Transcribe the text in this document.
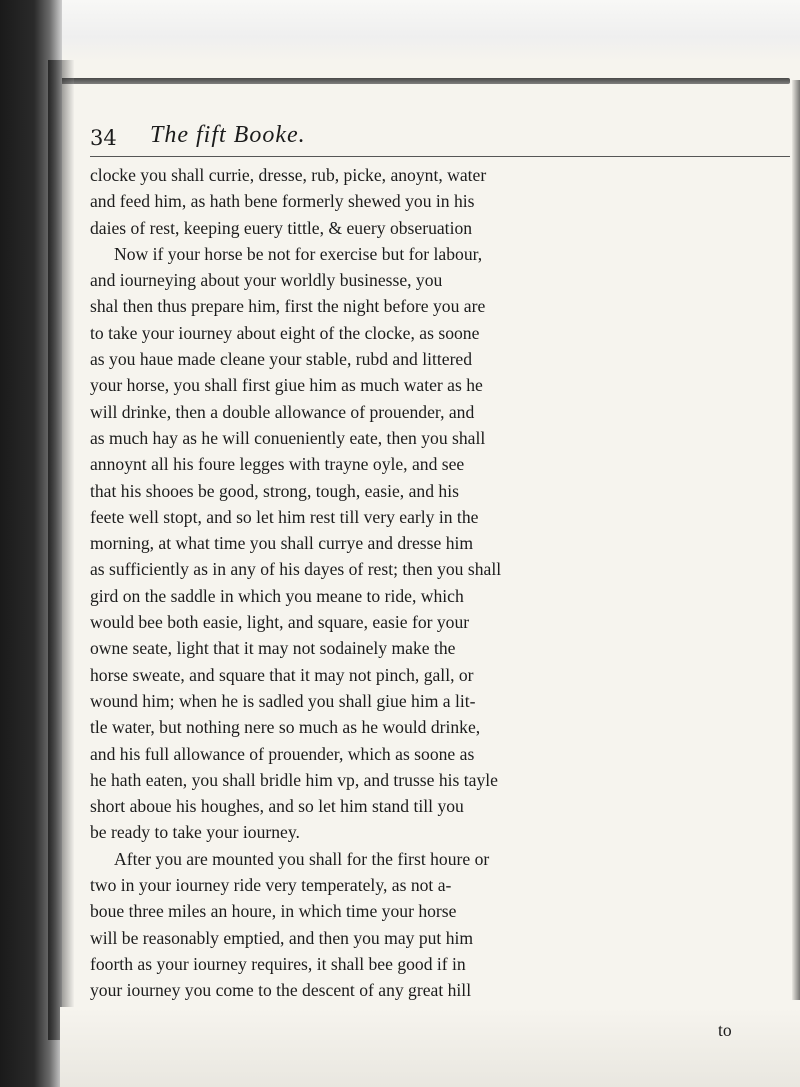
34 The fift Booke.
clocke you shall currie, dresse, rub, picke, anoynt, water
and feed him, as hath bene formerly shewed you in his
daies of rest, keeping euery tittle, & euery obseruation
Now if your horse be not for exercise but for labour,
and iourneying about your worldly businesse, you
shal then thus prepare him, first the night before you are
to take your iourney about eight of the clocke, as soone
as you haue made cleane your stable, rubd and littered
your horse, you shall first giue him as much water as he
will drinke, then a double allowance of prouender, and
as much hay as he will conueniently eate, then you shall
annoynt all his foure legges with trayne oyle, and see
that his shooes be good, strong, tough, easie, and his
feete well stopt, and so let him rest till very early in the
morning, at what time you shall currye and dresse him
as sufficiently as in any of his dayes of rest; then you shall
gird on the saddle in which you meane to ride, which
would bee both easie, light, and square, easie for your
owne seate, light that it may not sodainely make the
horse sweate, and square that it may not pinch, gall, or
wound him; when he is sadled you shall giue him a lit-
tle water, but nothing nere so much as he would drinke,
and his full allowance of prouender, which as soone as
he hath eaten, you shall bridle him vp, and trusse his tayle
short aboue his houghes, and so let him stand till you
be ready to take your iourney.
After you are mounted you shall for the first houre or
two in your iourney ride very temperately, as not a-
boue three miles an houre, in which time your horse
will be reasonably emptied, and then you may put him
foorth as your iourney requires, it shall bee good if in
your iourney you come to the descent of any great hill
to
